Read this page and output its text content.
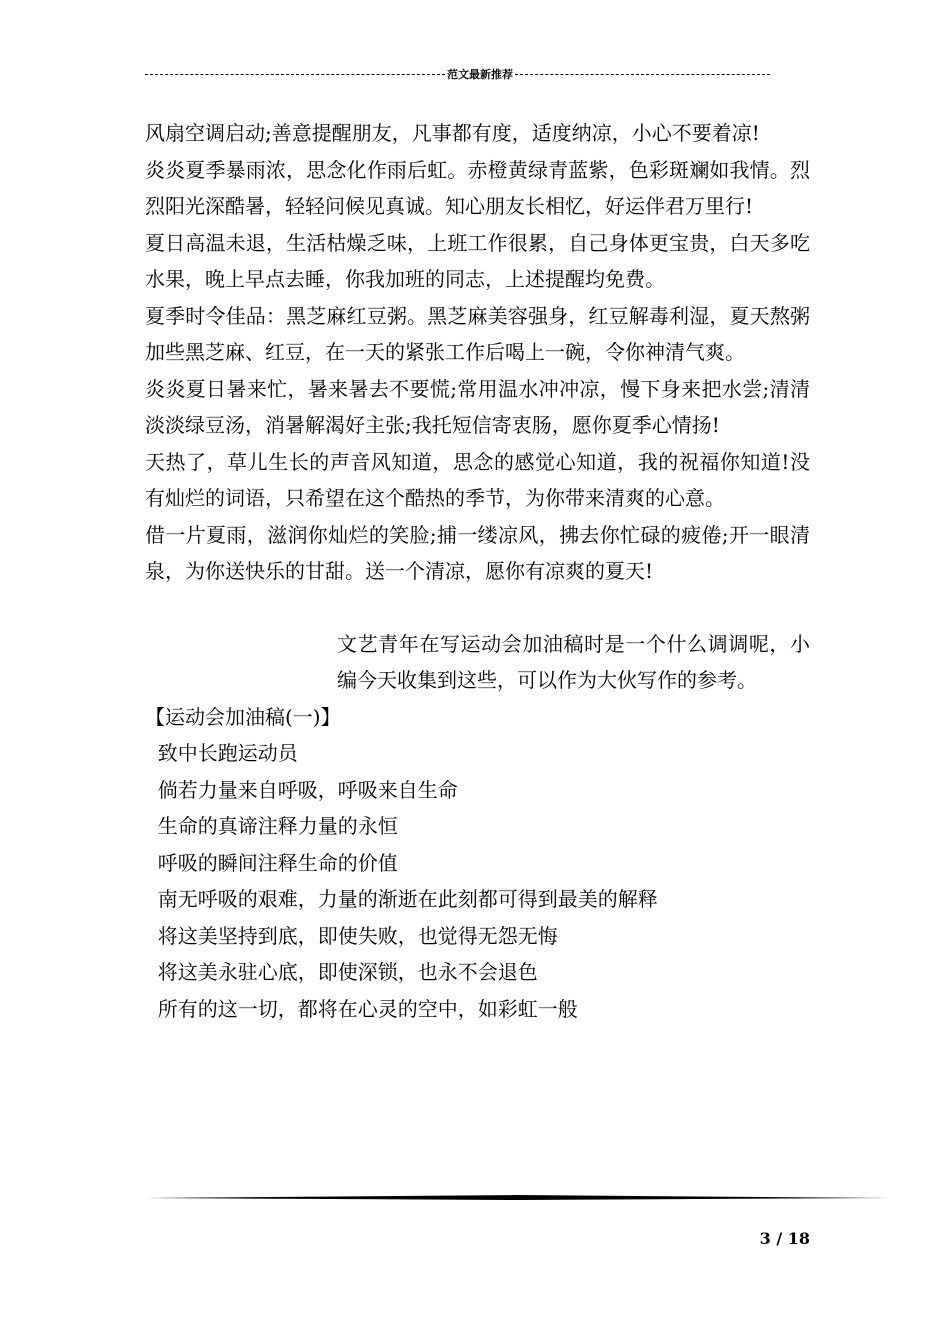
范文最新推荐

风扇空调启动;善意提醒朋友，凡事都有度，适度纳凉，小心不要着凉!

炎炎夏季暴雨浓，思念化作雨后虹。赤橙黄绿青蓝紫，色彩斑斓如我情。烈烈阳光深酷暑，轻轻问候见真诚。知心朋友长相忆，好运伴君万里行!

夏日高温未退，生活枯燥乏味，上班工作很累，自己身体更宝贵，白天多吃水果，晚上早点去睡，你我加班的同志，上述提醒均免费。

夏季时令佳品：黑芝麻红豆粥。黑芝麻美容强身，红豆解毒利湿，夏天熬粥加些黑芝麻、红豆，在一天的紧张工作后喝上一碗，令你神清气爽。

炎炎夏日暑来忙，暑来暑去不要慌;常用温水冲冲凉，慢下身来把水尝;清清淡淡绿豆汤，消暑解渴好主张;我托短信寄衷肠，愿你夏季心情扬!

天热了，草儿生长的声音风知道，思念的感觉心知道，我的祝福你知道!没有灿烂的词语，只希望在这个酷热的季节，为你带来清爽的心意。

借一片夏雨，滋润你灿烂的笑脸;捕一缕凉风，拂去你忙碌的疲倦;开一眼清泉，为你送快乐的甘甜。送一个清凉，愿你有凉爽的夏天!

文艺青年在写运动会加油稿时是一个什么调调呢，小编今天收集到这些，可以作为大伙写作的参考。

【运动会加油稿(一)】

致中长跑运动员

倘若力量来自呼吸，呼吸来自生命

生命的真谛注释力量的永恒

呼吸的瞬间注释生命的价值

南无呼吸的艰难，力量的渐逝在此刻都可得到最美的解释

将这美坚持到底，即使失败，也觉得无怨无悔

将这美永驻心底，即使深锁，也永不会退色

所有的这一切，都将在心灵的空中，如彩虹一般

3 / 18
